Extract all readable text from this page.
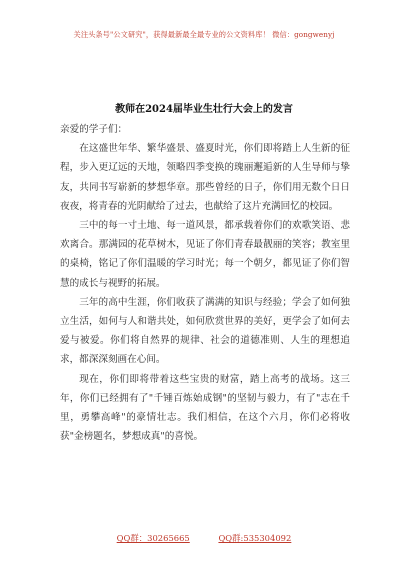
关注头条号"公文研究"，获得最新最全最专业的公文资料库！ 微信：gongwenyj
教师在2024届毕业生壮行大会上的发言

亲爱的学子们：

在这盛世年华、繁华盛景、盛夏时光，你们即将踏上人生新的征程，步入更辽远的天地，领略四季变换的瑰丽邂逅新的人生导师与挚友，共同书写崭新的梦想华章。那些曾经的日子，你们用无数个日日夜夜，将青春的光阴献给了过去，也献给了这片充满回忆的校园。

三中的每一寸土地、每一道风景，都承载着你们的欢歌笑语、悲欢离合。那满园的花草树木，见证了你们青春最靓丽的笑容；教室里的桌椅，铭记了你们温暖的学习时光；每一个朝夕，都见证了你们智慧的成长与视野的拓展。

三年的高中生涯，你们收获了满满的知识与经验；学会了如何独立生活，如何与人和谐共处，如何欣赏世界的美好，更学会了如何去爱与被爱。你们将自然界的规律、社会的道德准则、人生的理想追求，都深深刻画在心间。

现在，你们即将带着这些宝贵的财富，踏上高考的战场。这三年，你们已经拥有了"千锤百炼始成钢"的坚韧与毅力，有了"志在千里，勇攀高峰"的豪情壮志。我们相信，在这个六月，你们必将收获"金榜题名，梦想成真"的喜悦。

QQ群：30265665	QQ群:535304092
